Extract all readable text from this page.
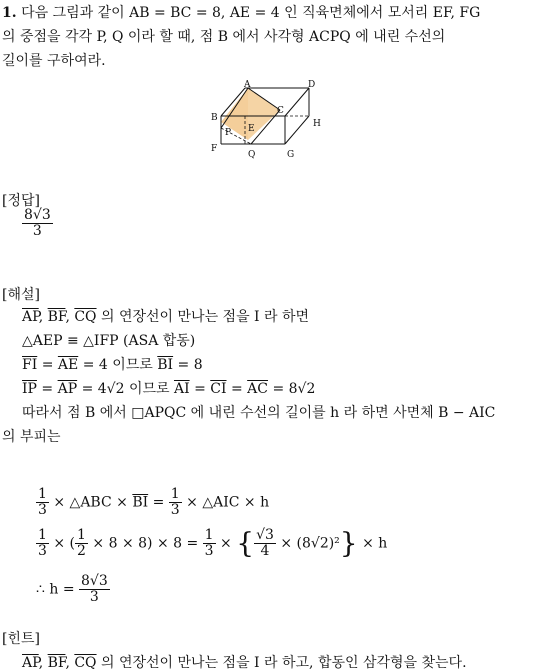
1. 다음 그림과 같이 AB = BC = 8, AE = 4 인 직육면체에서 모서리 EF, FG
의 중점을 각각 P, Q 이라 할 때, 점 B 에서 사각형 ACPQ 에 내린 수선의
길이를 구하여라.
A	D
B
C
H
P E
F
Q	G
[정답]
$\frac{8√3}{3}$
[해설]
$\overline{AP}$, $\overline{BF}$, $\overline{CQ}$ 의 연장선이 만나는 점을 I 라 하면
△AEP ≡ △IFP (ASA 합동)
$\overline{FI} = \overline{AE} = 4$ 이므로 $\overline{BI} = 8$
$\overline{IP} = \overline{AP} = 4√2$ 이므로 $\overline{AI} = \overline{CI} = \overline{AC} = 8√2$
따라서 점 B 에서 □APQC 에 내린 수선의 길이를 h 라 하면 사면체 B − AIC
의 부피는
$\frac{1}{3}$ × △ABC × $\overline{BI} = \frac{1}{3}$ × △AIC × h
$\frac{1}{3}$ × ( $\frac{1}{2} \times 8 \times 8) \times 8 = \frac{1}{3}$ × { $\frac{√3}{4} \times (8√2)^2\} \times h$
∴ $h = \frac{8√3}{3}$
[힌트]
$\overline{AP}$, $\overline{BF}$, $\overline{CQ}$ 의 연장선이 만나는 점을 I 라 하고, 합동인 삼각형을 찾는다.
